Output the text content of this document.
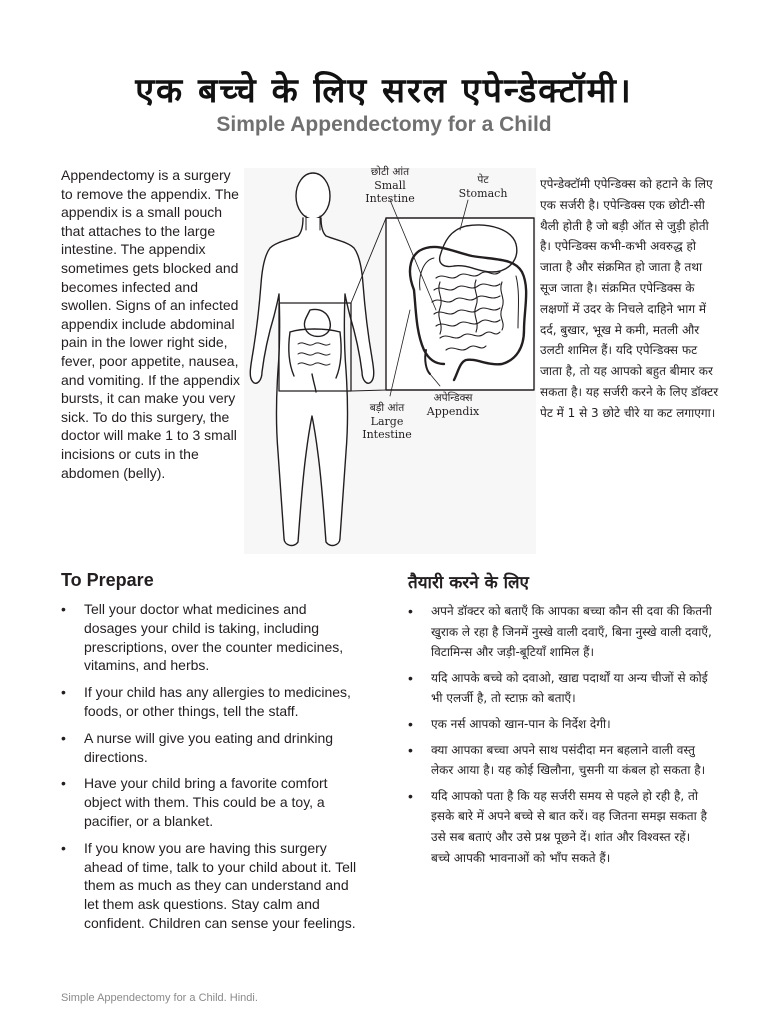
एक बच्चे के लिए सरल एपेन्डेक्टॉमी।
Simple Appendectomy for a Child

Appendectomy is a surgery to remove the appendix. The appendix is a small pouch that attaches to the large intestine. The appendix sometimes gets blocked and becomes infected and swollen. Signs of an infected appendix include abdominal pain in the lower right side, fever, poor appetite, nausea, and vomiting. If the appendix bursts, it can make you very sick. To do this surgery, the doctor will make 1 to 3 small incisions or cuts in the abdomen (belly).

छोटी आंत
Small
Intestine
पेट
Stomach
बड़ी आंत
Large
Intestine
अपेन्डिक्स
Appendix

एपेन्डेक्टॉमी एपेन्डिक्स को हटाने के लिए एक सर्जरी है। एपेन्डिक्स एक छोटी-सी थैली होती है जो बड़ी ऑत से जुड़ी होती है। एपेन्डिक्स कभी-कभी अवरुद्ध हो जाता है और संक्रमित हो जाता है तथा सूज जाता है। संक्रमित एपेन्डिक्स के लक्षणों में उदर के निचले दाहिने भाग में दर्द, बुखार, भूख मे कमी, मतली और उलटी शामिल हैं। यदि एपेन्डिक्स फट जाता है, तो यह आपको बहुत बीमार कर सकता है। यह सर्जरी करने के लिए डॉक्टर पेट में 1 से 3 छोटे चीरे या कट लगाएगा।

To Prepare	तैयारी करने के लिए
• Tell your doctor what medicines and dosages your child is taking, including prescriptions, over the counter medicines, vitamins, and herbs.
• If your child has any allergies to medicines, foods, or other things, tell the staff.
• A nurse will give you eating and drinking directions.
• Have your child bring a favorite comfort object with them. This could be a toy, a pacifier, or a blanket.
• If you know you are having this surgery ahead of time, talk to your child about it. Tell them as much as they can understand and let them ask questions. Stay calm and confident. Children can sense your feelings.
• अपने डॉक्टर को बताएँ कि आपका बच्चा कौन सी दवा की कितनी खुराक ले रहा है जिनमें नुस्खे वाली दवाएँ, बिना नुस्खे वाली दवाएँ, विटामिन्स और जड़ी-बूटियाँ शामिल हैं।
• यदि आपके बच्चे को दवाओ, खाद्य पदार्थों या अन्य चीजों से कोई भी एलर्जी है, तो स्टाफ़ को बताएँ।
• एक नर्स आपको खान-पान के निर्देश देगी।
• क्या आपका बच्चा अपने साथ पसंदीदा मन बहलाने वाली वस्तु लेकर आया है। यह कोई खिलौना, चुसनी या कंबल हो सकता है।
• यदि आपको पता है कि यह सर्जरी समय से पहले हो रही है, तो इसके बारे में अपने बच्चे से बात करें। वह जितना समझ सकता है उसे सब बताएं और उसे प्रश्न पूछने दें। शांत और विश्वस्त रहें। बच्चे आपकी भावनाओं को भाँप सकते हैं।
Simple Appendectomy for a Child. Hindi.
